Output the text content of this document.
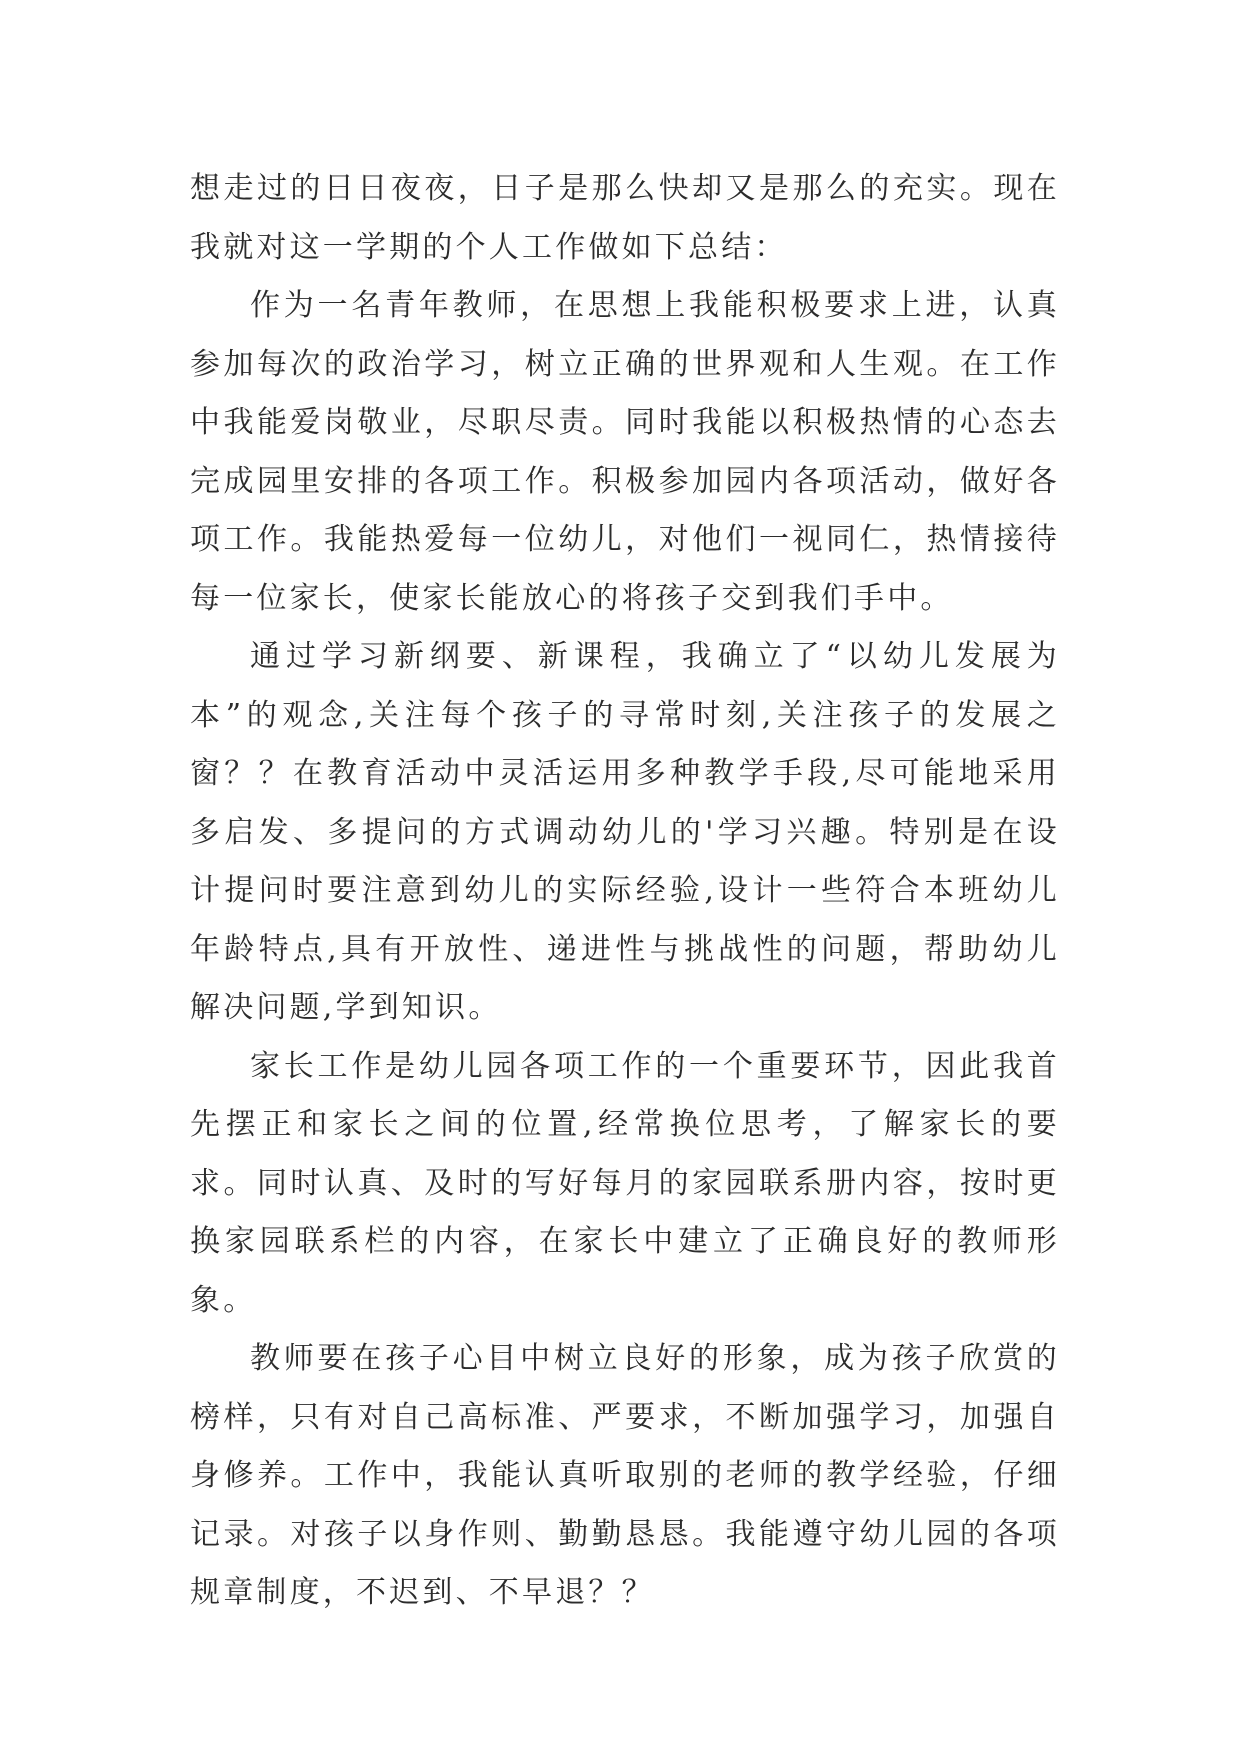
想走过的日日夜夜，日子是那么快却又是那么的充实。现在我就对这一学期的个人工作做如下总结：

作为一名青年教师，在思想上我能积极要求上进，认真参加每次的政治学习，树立正确的世界观和人生观。在工作中我能爱岗敬业，尽职尽责。同时我能以积极热情的心态去完成园里安排的各项工作。积极参加园内各项活动，做好各项工作。我能热爱每一位幼儿，对他们一视同仁，热情接待每一位家长，使家长能放心的将孩子交到我们手中。

通过学习新纲要、新课程，我确立了“以幼儿发展为本”的观念,关注每个孩子的寻常时刻,关注孩子的发展之窗？？在教育活动中灵活运用多种教学手段,尽可能地采用多启发、多提问的方式调动幼儿的'学习兴趣。特别是在设计提问时要注意到幼儿的实际经验,设计一些符合本班幼儿年龄特点,具有开放性、递进性与挑战性的问题，帮助幼儿解决问题,学到知识。

家长工作是幼儿园各项工作的一个重要环节，因此我首先摆正和家长之间的位置,经常换位思考，了解家长的要求。同时认真、及时的写好每月的家园联系册内容，按时更换家园联系栏的内容，在家长中建立了正确良好的教师形象。

教师要在孩子心目中树立良好的形象，成为孩子欣赏的榜样，只有对自己高标准、严要求，不断加强学习，加强自身修养。工作中，我能认真听取别的老师的教学经验，仔细记录。对孩子以身作则、勤勤恳恳。我能遵守幼儿园的各项规章制度，不迟到、不早退？？
